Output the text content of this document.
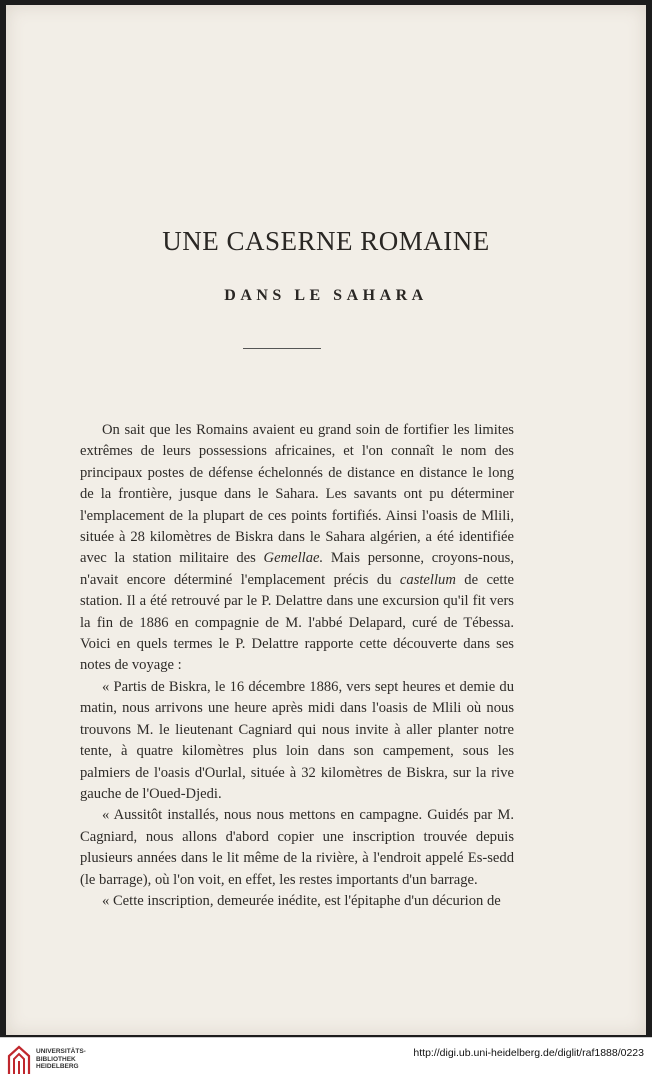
UNE CASERNE ROMAINE
DANS LE SAHARA

On sait que les Romains avaient eu grand soin de fortifier les limites extrêmes de leurs possessions africaines, et l'on connaît le nom des principaux postes de défense échelonnés de distance en distance le long de la frontière, jusque dans le Sahara. Les savants ont pu déterminer l'emplacement de la plupart de ces points fortifiés. Ainsi l'oasis de Mlili, située à 28 kilomètres de Biskra dans le Sahara algérien, a été identifiée avec la station militaire des Gemellae. Mais personne, croyons-nous, n'avait encore déterminé l'emplacement précis du castellum de cette station. Il a été retrouvé par le P. Delattre dans une excursion qu'il fit vers la fin de 1886 en compagnie de M. l'abbé Delapard, curé de Tébessa. Voici en quels termes le P. Delattre rapporte cette découverte dans ses notes de voyage :

« Partis de Biskra, le 16 décembre 1886, vers sept heures et demie du matin, nous arrivons une heure après midi dans l'oasis de Mlili où nous trouvons M. le lieutenant Cagniard qui nous invite à aller planter notre tente, à quatre kilomètres plus loin dans son campement, sous les palmiers de l'oasis d'Ourlal, située à 32 kilomètres de Biskra, sur la rive gauche de l'Oued-Djedi.

« Aussitôt installés, nous nous mettons en campagne. Guidés par M. Cagniard, nous allons d'abord copier une inscription trouvée depuis plusieurs années dans le lit même de la rivière, à l'endroit appelé Es-sedd (le barrage), où l'on voit, en effet, les restes importants d'un barrage.

« Cette inscription, demeurée inédite, est l'épitaphe d'un décurion de

UNIVERSITÄTS-
BIBLIOTHEK
HEIDELBERG
http://digi.ub.uni-heidelberg.de/diglit/raf1888/0223
